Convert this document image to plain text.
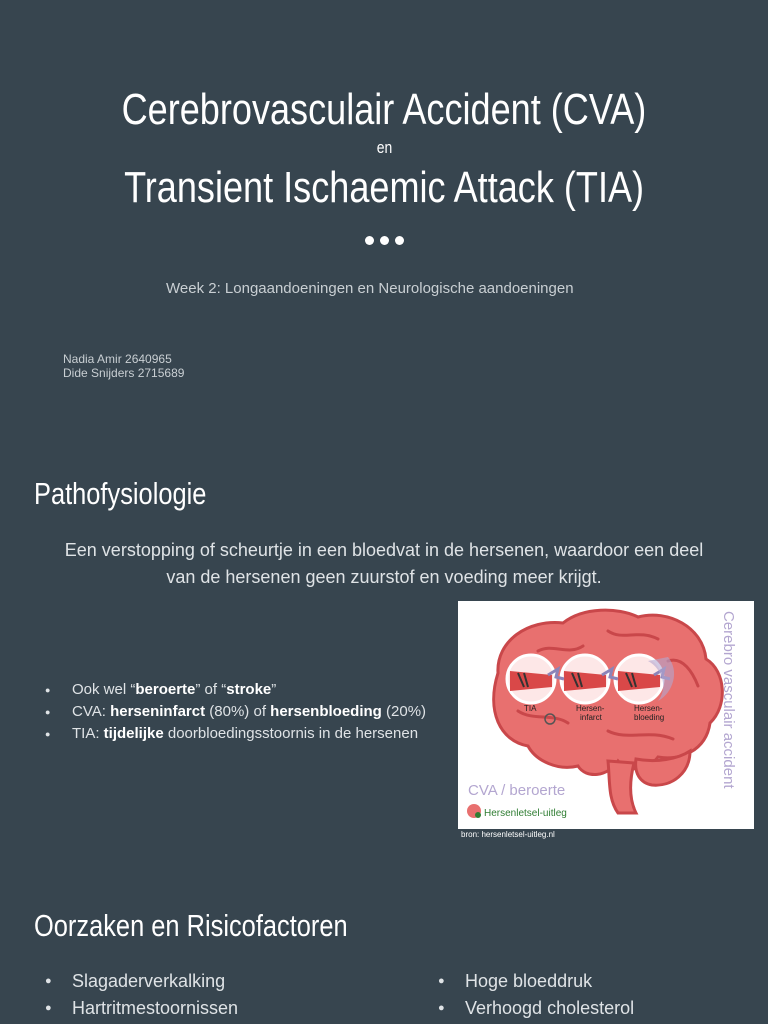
Cerebrovasculair Accident (CVA)
en
Transient Ischaemic Attack (TIA)
Week 2: Longaandoeningen en Neurologische aandoeningen
Nadia Amir 2640965
Dide Snijders 2715689
Pathofysiologie
Een verstopping of scheurtje in een bloedvat in de hersenen, waardoor een deel
van de hersenen geen zuurstof en voeding meer krijgt.
● Ook wel “beroerte” of “stroke”
● CVA: herseninfarct (80%) of hersenbloeding (20%)
● TIA: tijdelijke doorbloedingsstoornis in de hersenen
TIA	Hersen-
infarct
Hersen-
bloeding	Cerebro vasculair accident
CVA / beroerte
Hersenletsel-uitleg
bron: hersenletsel-uitleg.nl
Oorzaken en Risicofactoren
● Slagaderverkalking
● Hartritmestoornissen
● Hoge bloeddruk
● Verhoogd cholesterol
